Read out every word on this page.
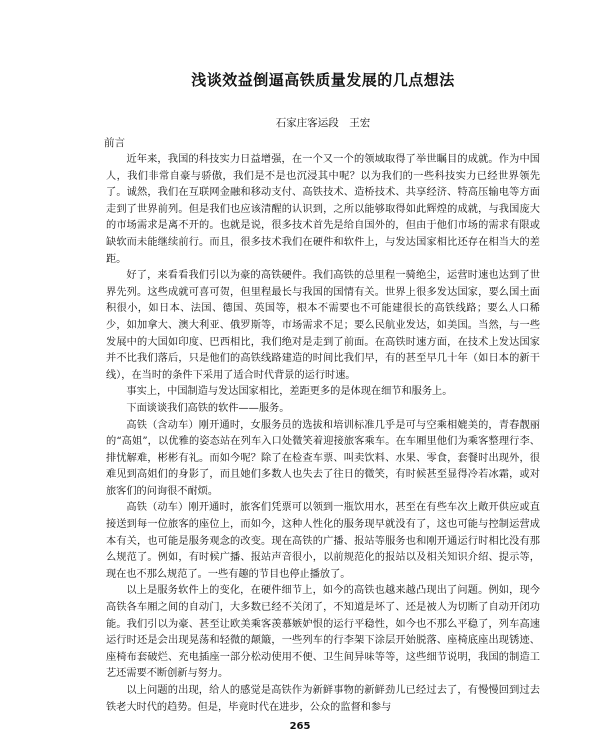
浅谈效益倒逼高铁质量发展的几点想法
石家庄客运段　王宏
前言

近年来，我国的科技实力日益增强，在一个又一个的领域取得了举世瞩目的成就。作为中国人，我们非常自豪与骄傲，我们是不是也沉浸其中呢？以为我们的一些科技实力已经世界领先了。诚然，我们在互联网金融和移动支付、高铁技术、造桥技术、共享经济、特高压输电等方面走到了世界前列。但是我们也应该清醒的认识到，之所以能够取得如此辉煌的成就，与我国庞大的市场需求是离不开的。也就是说，很多技术首先是给自国外的，但由于他们市场的需求有限或缺软而未能继续前行。而且，很多技术我们在硬件和软件上，与发达国家相比还存在相当大的差距。

好了，来看看我们引以为豪的高铁硬件。我们高铁的总里程一骑绝尘，运营时速也达到了世界先列。这些成就可喜可贺，但里程最长与我国的国情有关。世界上很多发达国家，要么国土面积很小，如日本、法国、德国、英国等，根本不需要也不可能建很长的高铁线路；要么人口稀少，如加拿大、澳大利亚、俄罗斯等，市场需求不足；要么民航业发达，如美国。当然，与一些发展中的大国如印度、巴西相比，我们绝对是走到了前面。在高铁时速方面，在技术上发达国家并不比我们落后，只是他们的高铁线路建造的时间比我们早，有的甚至早几十年（如日本的新干线），在当时的条件下采用了适合时代背景的运行时速。

事实上，中国制造与发达国家相比，差距更多的是体现在细节和服务上。

下面谈谈我们高铁的软件——服务。

高铁（含动车）刚开通时，女服务员的选拔和培训标准几乎是可与空乘相媲美的，青春靓丽的“高姐”，以优雅的姿态站在列车入口处微笑着迎接旅客乘车。在车厢里他们为乘客整理行李、排忧解难，彬彬有礼。而如今呢？除了在检查车票、叫卖饮料、水果、零食，套餐时出现外，很难见到高姐们的身影了，而且她们多数人也失去了往日的微笑，有时候甚至显得冷若冰霜，或对旅客们的问询很不耐烦。

高铁（动车）刚开通时，旅客们凭票可以领到一瓶饮用水，甚至在有些车次上敞开供应或直接送到每一位旅客的座位上，而如今，这种人性化的服务现早就没有了，这也可能与控制运营成本有关，也可能是服务观念的改变。现在高铁的广播、报站等服务也和刚开通运行时相比没有那么规范了。例如，有时候广播、报站声音很小，以前规范化的报站以及相关知识介绍、提示等，现在也不那么规范了。一些有趣的节目也停止播放了。

以上是服务软件上的变化，在硬件细节上，如今的高铁也越来越凸现出了问题。例如，现今高铁各车厢之间的自动门，大多数已经不关闭了，不知道是坏了、还是被人为切断了自动开闭功能。我们引以为豪、甚至让欧美乘客羡慕嫉妒恨的运行平稳性，如今也不那么平稳了，列车高速运行时还是会出现晃荡和轻微的颠簸，一些列车的行李架下涂层开始脱落、座椅底座出现锈迹、座椅布套破烂、充电插座一部分松动使用不便、卫生间异味等等，这些细节说明，我国的制造工艺还需要不断创新与努力。

以上问题的出现，给人的感觉是高铁作为新鲜事物的新鲜劲儿已经过去了，有慢慢回到过去铁老大时代的趋势。但是，毕竟时代在进步，公众的监督和参与

265
